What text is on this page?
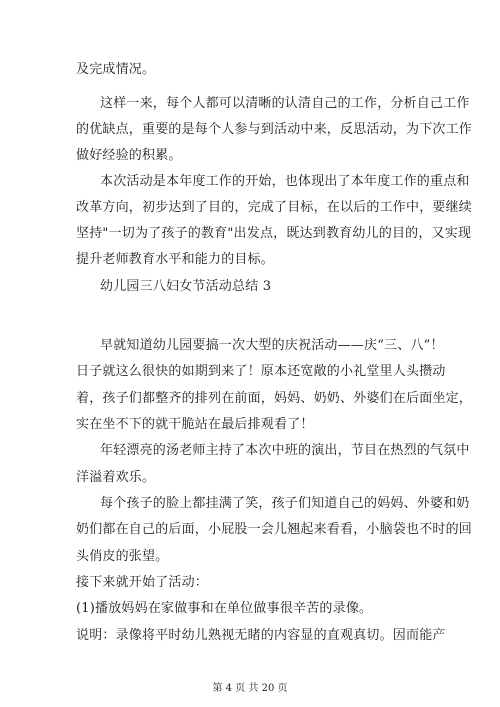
及完成情况。
这样一来，每个人都可以清晰的认清自己的工作，分析自己工作
的优缺点，重要的是每个人参与到活动中来，反思活动，为下次工作
做好经验的积累。
本次活动是本年度工作的开始，也体现出了本年度工作的重点和
改革方向，初步达到了目的，完成了目标，在以后的工作中，要继续
坚持"一切为了孩子的教育"出发点，既达到教育幼儿的目的，又实现
提升老师教育水平和能力的目标。
幼儿园三八妇女节活动总结 3
早就知道幼儿园要搞一次大型的庆祝活动——庆“三、八”！
日子就这么很快的如期到来了！原本还宽敞的小礼堂里人头攒动
着，孩子们都整齐的排列在前面，妈妈、奶奶、外婆们在后面坐定，
实在坐不下的就干脆站在最后排观看了！
年轻漂亮的汤老师主持了本次中班的演出，节目在热烈的气氛中
洋溢着欢乐。
每个孩子的脸上都挂满了笑，孩子们知道自己的妈妈、外婆和奶
奶们都在自己的后面，小屁股一会儿翘起来看看，小脑袋也不时的回
头俏皮的张望。
接下来就开始了活动：
(1)播放妈妈在家做事和在单位做事很辛苦的录像。
说明：录像将平时幼儿熟视无睹的内容显的直观真切。因而能产
第 4 页 共 20 页
